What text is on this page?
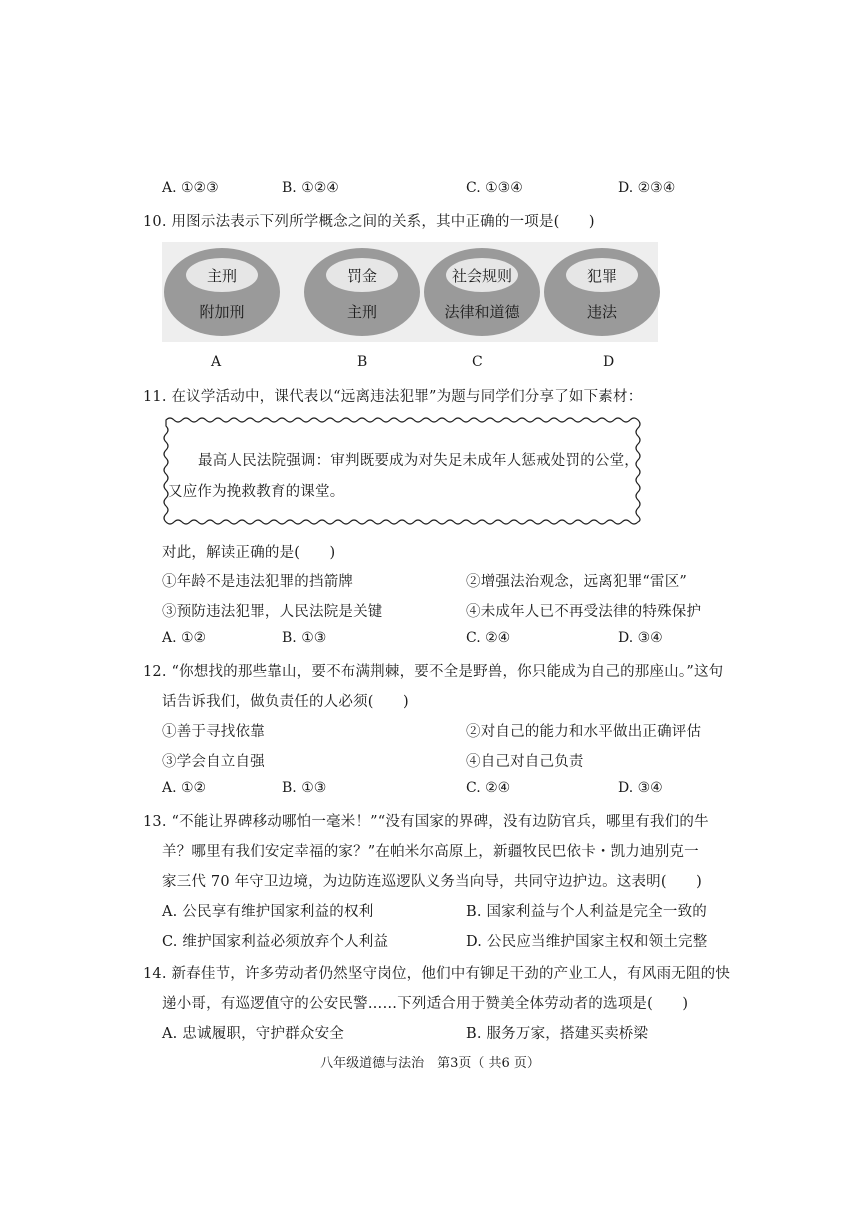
A. ①②③	B. ①②④	C. ①③④	D. ②③④
10. 用图示法表示下列所学概念之间的关系，其中正确的一项是(　　)
主刑
附加刑
罚金
主刑
社会规则
法律和道德
犯罪
违法
A	B	C	D
11. 在议学活动中，课代表以“远离违法犯罪”为题与同学们分享了如下素材：
最高人民法院强调：审判既要成为对失足未成年人惩戒处罚的公堂，
又应作为挽救教育的课堂。
对此，解读正确的是(　　)
①年龄不是违法犯罪的挡箭牌	②增强法治观念，远离犯罪“雷区”
③预防违法犯罪，人民法院是关键	④未成年人已不再受法律的特殊保护
A. ①②	B. ①③	C. ②④	D. ③④
12. “你想找的那些靠山，要不布满荆棘，要不全是野兽，你只能成为自己的那座山。”这句
话告诉我们，做负责任的人必须(　　)
①善于寻找依靠	②对自己的能力和水平做出正确评估
③学会自立自强	④自己对自己负责
A. ①②	B. ①③	C. ②④	D. ③④
13. “不能让界碑移动哪怕一毫米！”“没有国家的界碑，没有边防官兵，哪里有我们的牛
羊？哪里有我们安定幸福的家？”在帕米尔高原上，新疆牧民巴依卡・凯力迪别克一
家三代 70 年守卫边境，为边防连巡逻队义务当向导，共同守边护边。这表明(　　)
A. 公民享有维护国家利益的权利	B. 国家利益与个人利益是完全一致的
C. 维护国家利益必须放弃个人利益	D. 公民应当维护国家主权和领土完整
14. 新春佳节，许多劳动者仍然坚守岗位，他们中有铆足干劲的产业工人，有风雨无阻的快
递小哥，有巡逻值守的公安民警……下列适合用于赞美全体劳动者的选项是(　　)
A. 忠诚履职，守护群众安全	B. 服务万家，搭建买卖桥梁
八年级道德与法治　第3页（ 共6 页）
